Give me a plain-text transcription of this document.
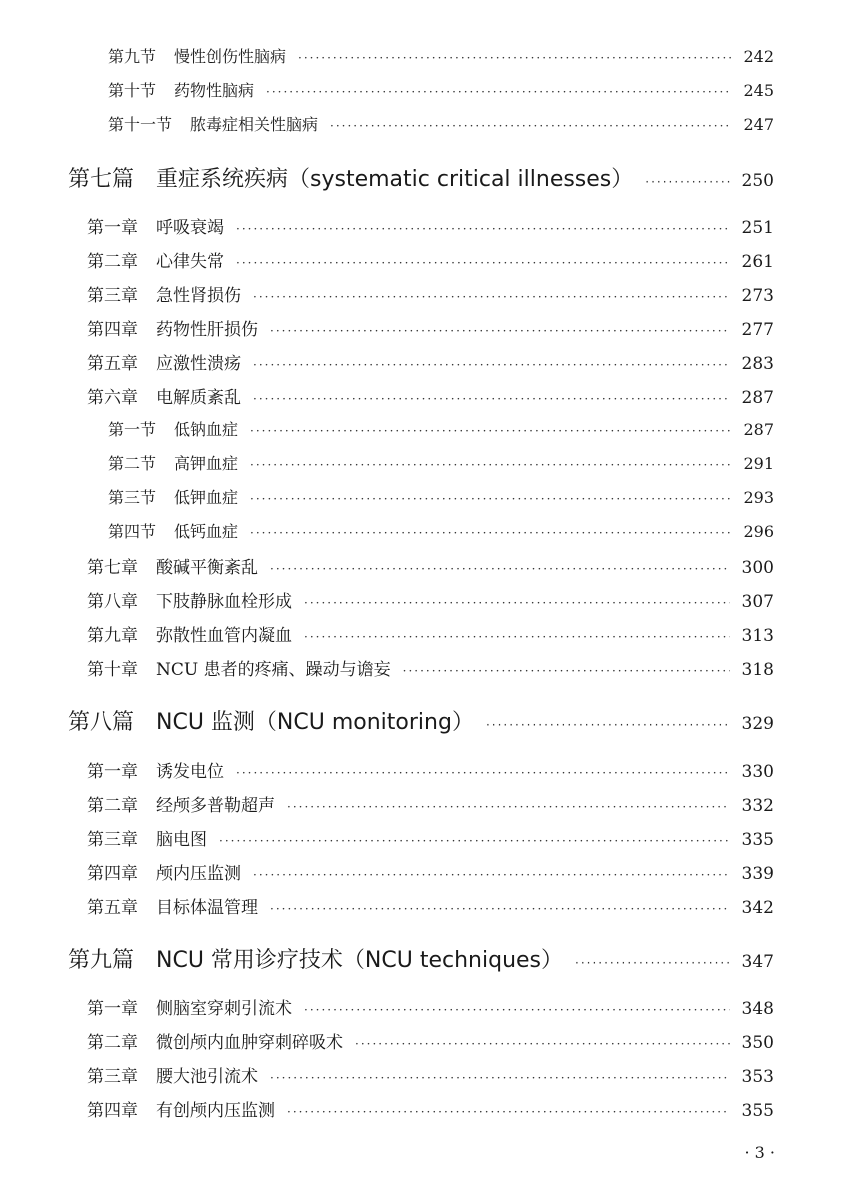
第九节 慢性创伤性脑病 ·····	242
第十节 药物性脑病 ·····	245
第十一节 脓毒症相关性脑病 ·····	247
第七篇 重症系统疾病（systematic critical illnesses） ·····	250
第一章 呼吸衰竭 ·····	251
第二章 心律失常 ·····	261
第三章 急性肾损伤 ·····	273
第四章 药物性肝损伤 ·····	277
第五章 应激性溃疡 ·····	283
第六章 电解质紊乱 ·····	287
第一节 低钠血症 ·····	287
第二节 高钾血症 ·····	291
第三节 低钾血症 ·····	293
第四节 低钙血症 ·····	296
第七章 酸碱平衡紊乱 ·····	300
第八章 下肢静脉血栓形成 ·····	307
第九章 弥散性血管内凝血 ·····	313
第十章 NCU 患者的疼痛、躁动与谵妄 ·····	318
第八篇 NCU 监测（NCU monitoring） ·····	329
第一章 诱发电位 ·····	330
第二章 经颅多普勒超声 ·····	332
第三章 脑电图 ·····	335
第四章 颅内压监测 ·····	339
第五章 目标体温管理 ·····	342
第九篇 NCU 常用诊疗技术（NCU techniques） ·····	347
第一章 侧脑室穿刺引流术 ·····	348
第二章 微创颅内血肿穿刺碎吸术 ·····	350
第三章 腰大池引流术 ·····	353
第四章 有创颅内压监测 ·····	355
· 3 ·
